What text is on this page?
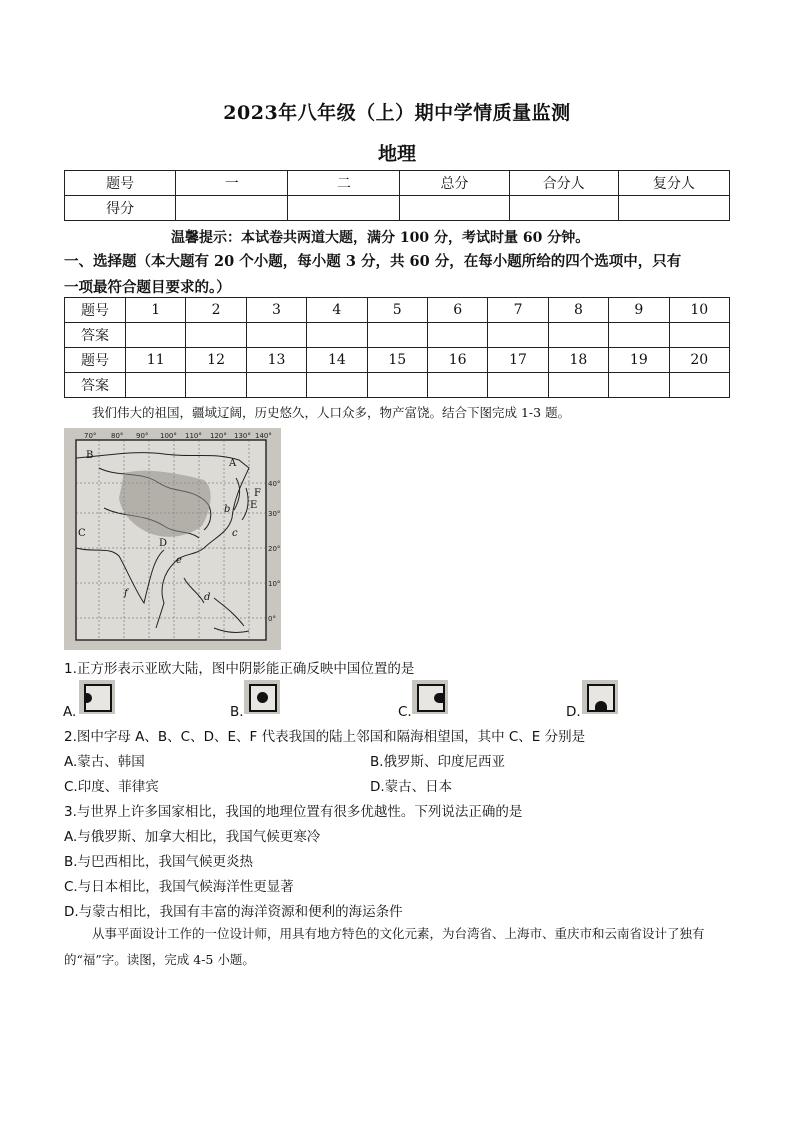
2023年八年级（上）期中学情质量监测
地理
题号	一	二	总分	合分人	复分人
得分					
温馨提示：本试卷共两道大题，满分 100 分，考试时量 60 分钟。
一、选择题（本大题有 20 个小题，每小题 3 分，共 60 分，在每小题所给的四个选项中，只有
一项最符合题目要求的。）
题号	1	2	3	4	5	6	7	8	9	10
答案										
题号	11	12	13	14	15	16	17	18	19	20
答案										
我们伟大的祖国，疆域辽阔，历史悠久，人口众多，物产富饶。结合下图完成 1-3 题。
70° 80° 90° 100° 110° 120° 130° 140°
40°
30°
20°
10°
0°
B
C
D
E
F
A
b
c
d
e
f
1.正方形表示亚欧大陆，图中阴影能正确反映中国位置的是
A.	B.	C.	D.
2.图中字母 A、B、C、D、E、F 代表我国的陆上邻国和隔海相望国，其中 C、E 分别是
A.蒙古、韩国	B.俄罗斯、印度尼西亚
C.印度、菲律宾	D.蒙古、日本
3.与世界上许多国家相比，我国的地理位置有很多优越性。下列说法正确的是
A.与俄罗斯、加拿大相比，我国气候更寒冷
B.与巴西相比，我国气候更炎热
C.与日本相比，我国气候海洋性更显著
D.与蒙古相比，我国有丰富的海洋资源和便利的海运条件
从事平面设计工作的一位设计师，用具有地方特色的文化元素，为台湾省、上海市、重庆市和云南省设计了独有的“福”字。读图，完成 4-5 小题。
